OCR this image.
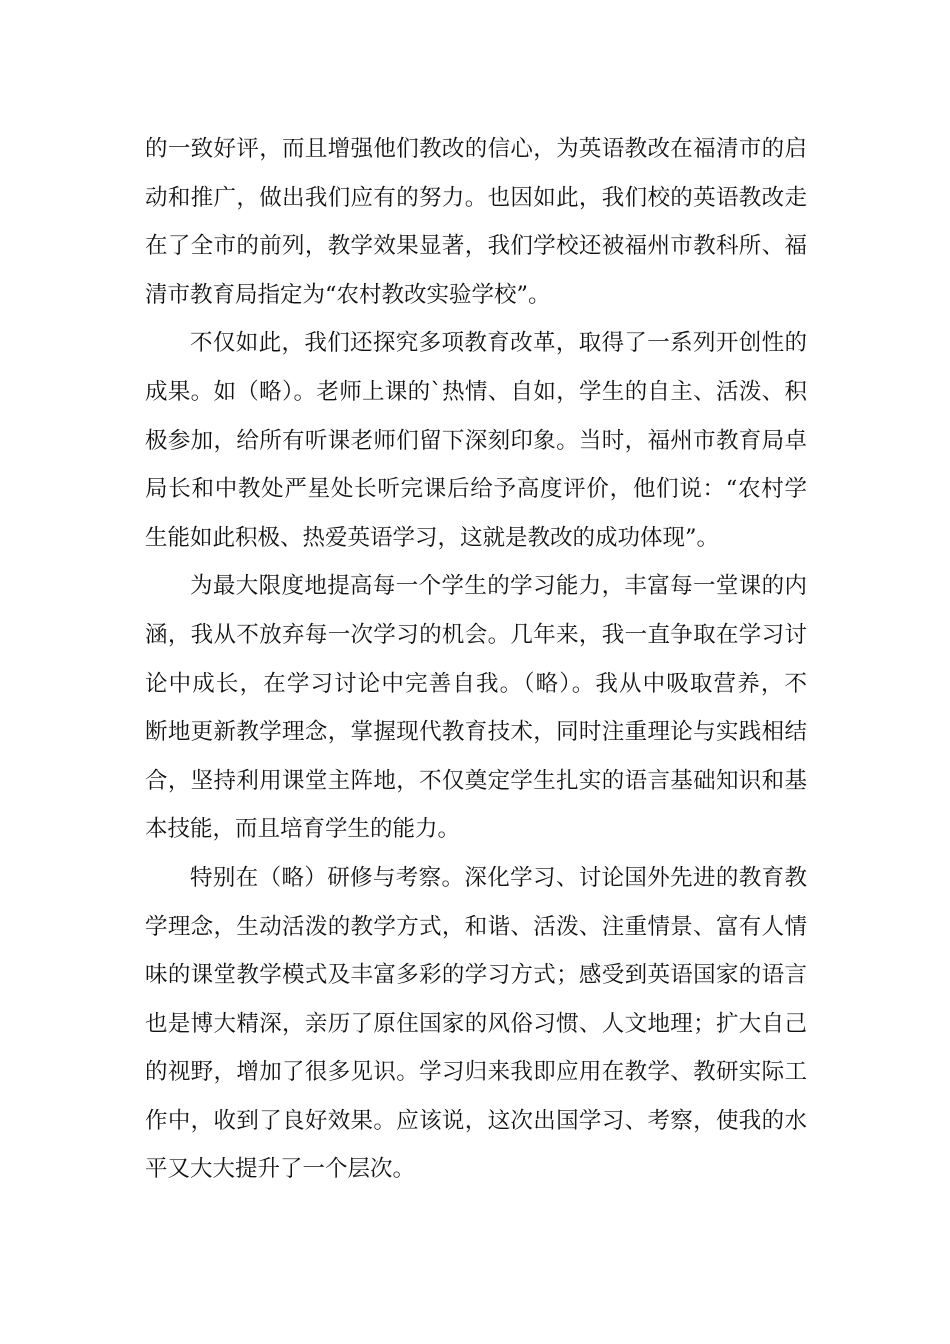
的一致好评，而且增强他们教改的信心，为英语教改在福清市的启
动和推广，做出我们应有的努力。也因如此，我们校的英语教改走
在了全市的前列，教学效果显著，我们学校还被福州市教科所、福
清市教育局指定为“农村教改实验学校”。
不仅如此，我们还探究多项教育改革，取得了一系列开创性的
成果。如（略）。老师上课的`热情、自如，学生的自主、活泼、积
极参加，给所有听课老师们留下深刻印象。当时，福州市教育局卓
局长和中教处严星处长听完课后给予高度评价，他们说：“农村学
生能如此积极、热爱英语学习，这就是教改的成功体现”。
为最大限度地提高每一个学生的学习能力，丰富每一堂课的内
涵，我从不放弃每一次学习的机会。几年来，我一直争取在学习讨
论中成长，在学习讨论中完善自我。（略）。我从中吸取营养，不
断地更新教学理念，掌握现代教育技术，同时注重理论与实践相结
合，坚持利用课堂主阵地，不仅奠定学生扎实的语言基础知识和基
本技能，而且培育学生的能力。
特别在（略）研修与考察。深化学习、讨论国外先进的教育教
学理念，生动活泼的教学方式，和谐、活泼、注重情景、富有人情
味的课堂教学模式及丰富多彩的学习方式；感受到英语国家的语言
也是博大精深，亲历了原住国家的风俗习惯、人文地理；扩大自己
的视野，增加了很多见识。学习归来我即应用在教学、教研实际工
作中，收到了良好效果。应该说，这次出国学习、考察，使我的水
平又大大提升了一个层次。
